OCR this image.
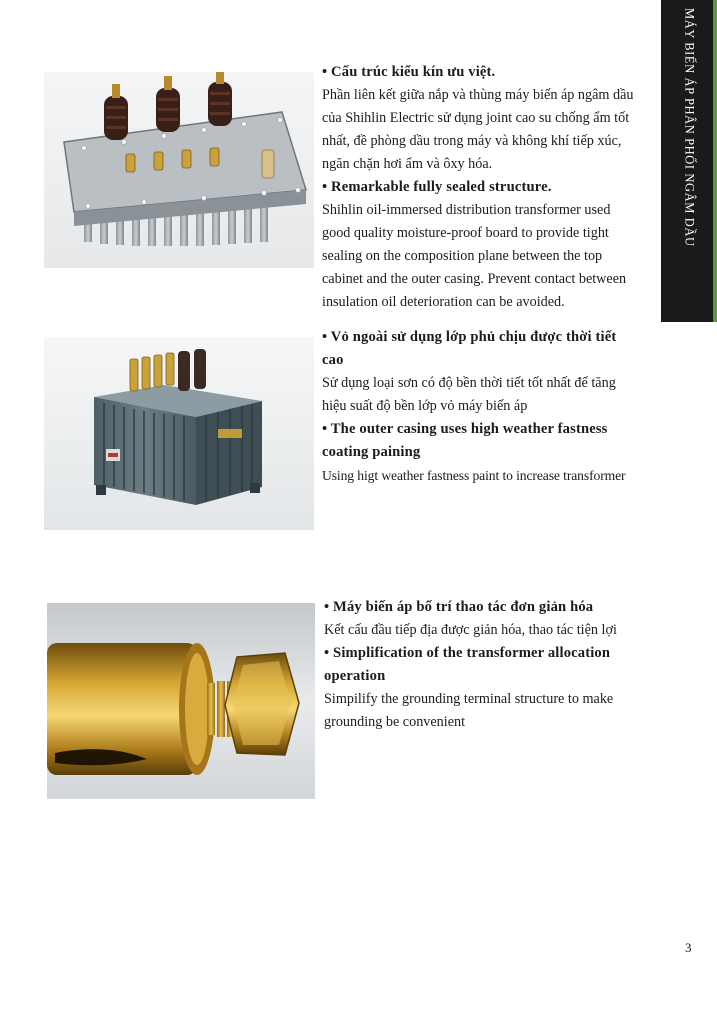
MÁY BIẾN ÁP PHÂN PHỐI NGÂM DẦU

• Cấu trúc kiểu kín ưu việt.

Phần liên kết giữa nắp và thùng máy biến áp ngâm dầu

của Shihlin Electric sử dụng joint cao su chống ẩm tốt

nhất, đề phòng dầu trong máy và không khí tiếp xúc,

ngăn chặn hơi ẩm và ôxy hóa.

• Remarkable fully sealed structure.

Shihlin oil-immersed distribution transformer used

good quality moisture-proof board to provide tight

sealing on the composition plane between the top

cabinet and the outer casing. Prevent contact between

insulation oil deterioration can be avoided.

• Vỏ ngoài sử dụng lớp phủ chịu được thời tiết

cao

Sử dụng loại sơn có độ bền thời tiết tốt nhất để tăng

hiệu suất độ bền lớp vỏ máy biến áp

• The outer casing uses high weather fastness

coating paining

Using higt weather fastness paint to increase transformer

• Máy biến áp bố trí thao tác đơn giản hóa

Kết cấu đầu tiếp địa được giản hóa, thao tác tiện lợi

• Simplification of the transformer allocation

operation

Simpilify the grounding terminal structure to make

grounding be convenient

3
